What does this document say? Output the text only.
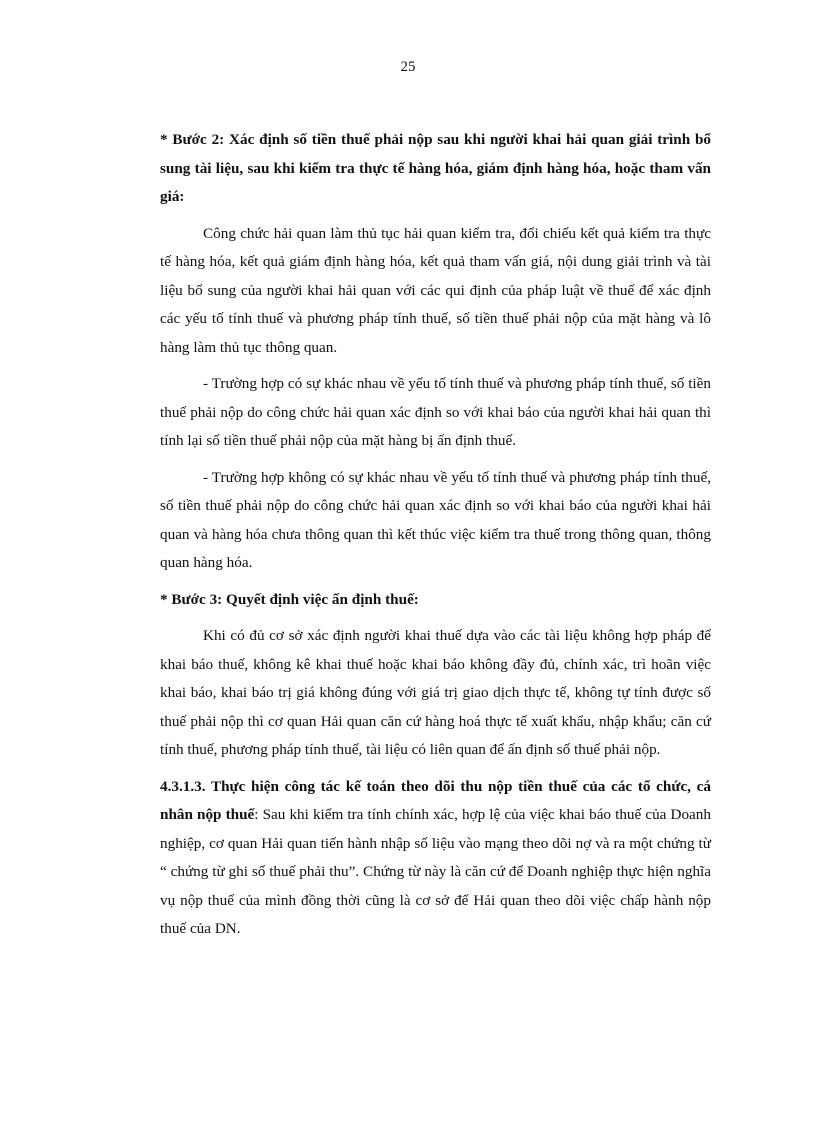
25

* Bước 2: Xác định số tiền thuế phải nộp sau khi người khai hải quan giải trình bổ sung tài liệu, sau khi kiểm tra thực tế hàng hóa, giám định hàng hóa, hoặc tham vấn giá:

Công chức hải quan làm thủ tục hải quan kiểm tra, đối chiếu kết quả kiểm tra thực tế hàng hóa, kết quả giám định hàng hóa, kết quả tham vấn giá, nội dung giải trình và tài liệu bổ sung của người khai hải quan với các qui định của pháp luật về thuế để xác định các yếu tố tính thuế và phương pháp tính thuế, số tiền thuế phải nộp của mặt hàng và lô hàng làm thủ tục thông quan.

- Trường hợp có sự khác nhau về yếu tố tính thuế và phương pháp tính thuế, số tiền thuế phải nộp do công chức hải quan xác định so với khai báo của người khai hải quan thì tính lại số tiền thuế phải nộp của mặt hàng bị ấn định thuế.

- Trường hợp không có sự khác nhau về yếu tố tính thuế và phương pháp tính thuế, số tiền thuế phải nộp do công chức hải quan xác định so với khai báo của người khai hải quan và hàng hóa chưa thông quan thì kết thúc việc kiểm tra thuế trong thông quan, thông quan hàng hóa.

* Bước 3: Quyết định việc ấn định thuế:

Khi có đủ cơ sở xác định người khai thuế dựa vào các tài liệu không hợp pháp để khai báo thuế, không kê khai thuế hoặc khai báo không đầy đủ, chính xác, trì hoãn việc khai báo, khai báo trị giá không đúng với giá trị giao dịch thực tế, không tự tính được số thuế phải nộp thì cơ quan Hải quan căn cứ hàng hoá thực tế xuất khẩu, nhập khẩu; căn cứ tính thuế, phương pháp tính thuế, tài liệu có liên quan để ấn định số thuế phải nộp.

4.3.1.3. Thực hiện công tác kế toán theo dõi thu nộp tiền thuế của các tổ chức, cá nhân nộp thuế: Sau khi kiểm tra tính chính xác, hợp lệ của việc khai báo thuế của Doanh nghiệp, cơ quan Hải quan tiến hành nhập số liệu vào mạng theo dõi nợ và ra một chứng từ “ chứng từ ghi số thuế phải thu”. Chứng từ này là căn cứ để Doanh nghiệp thực hiện nghĩa vụ nộp thuế của mình đồng thời cũng là cơ sở để Hải quan theo dõi việc chấp hành nộp thuế của DN.
